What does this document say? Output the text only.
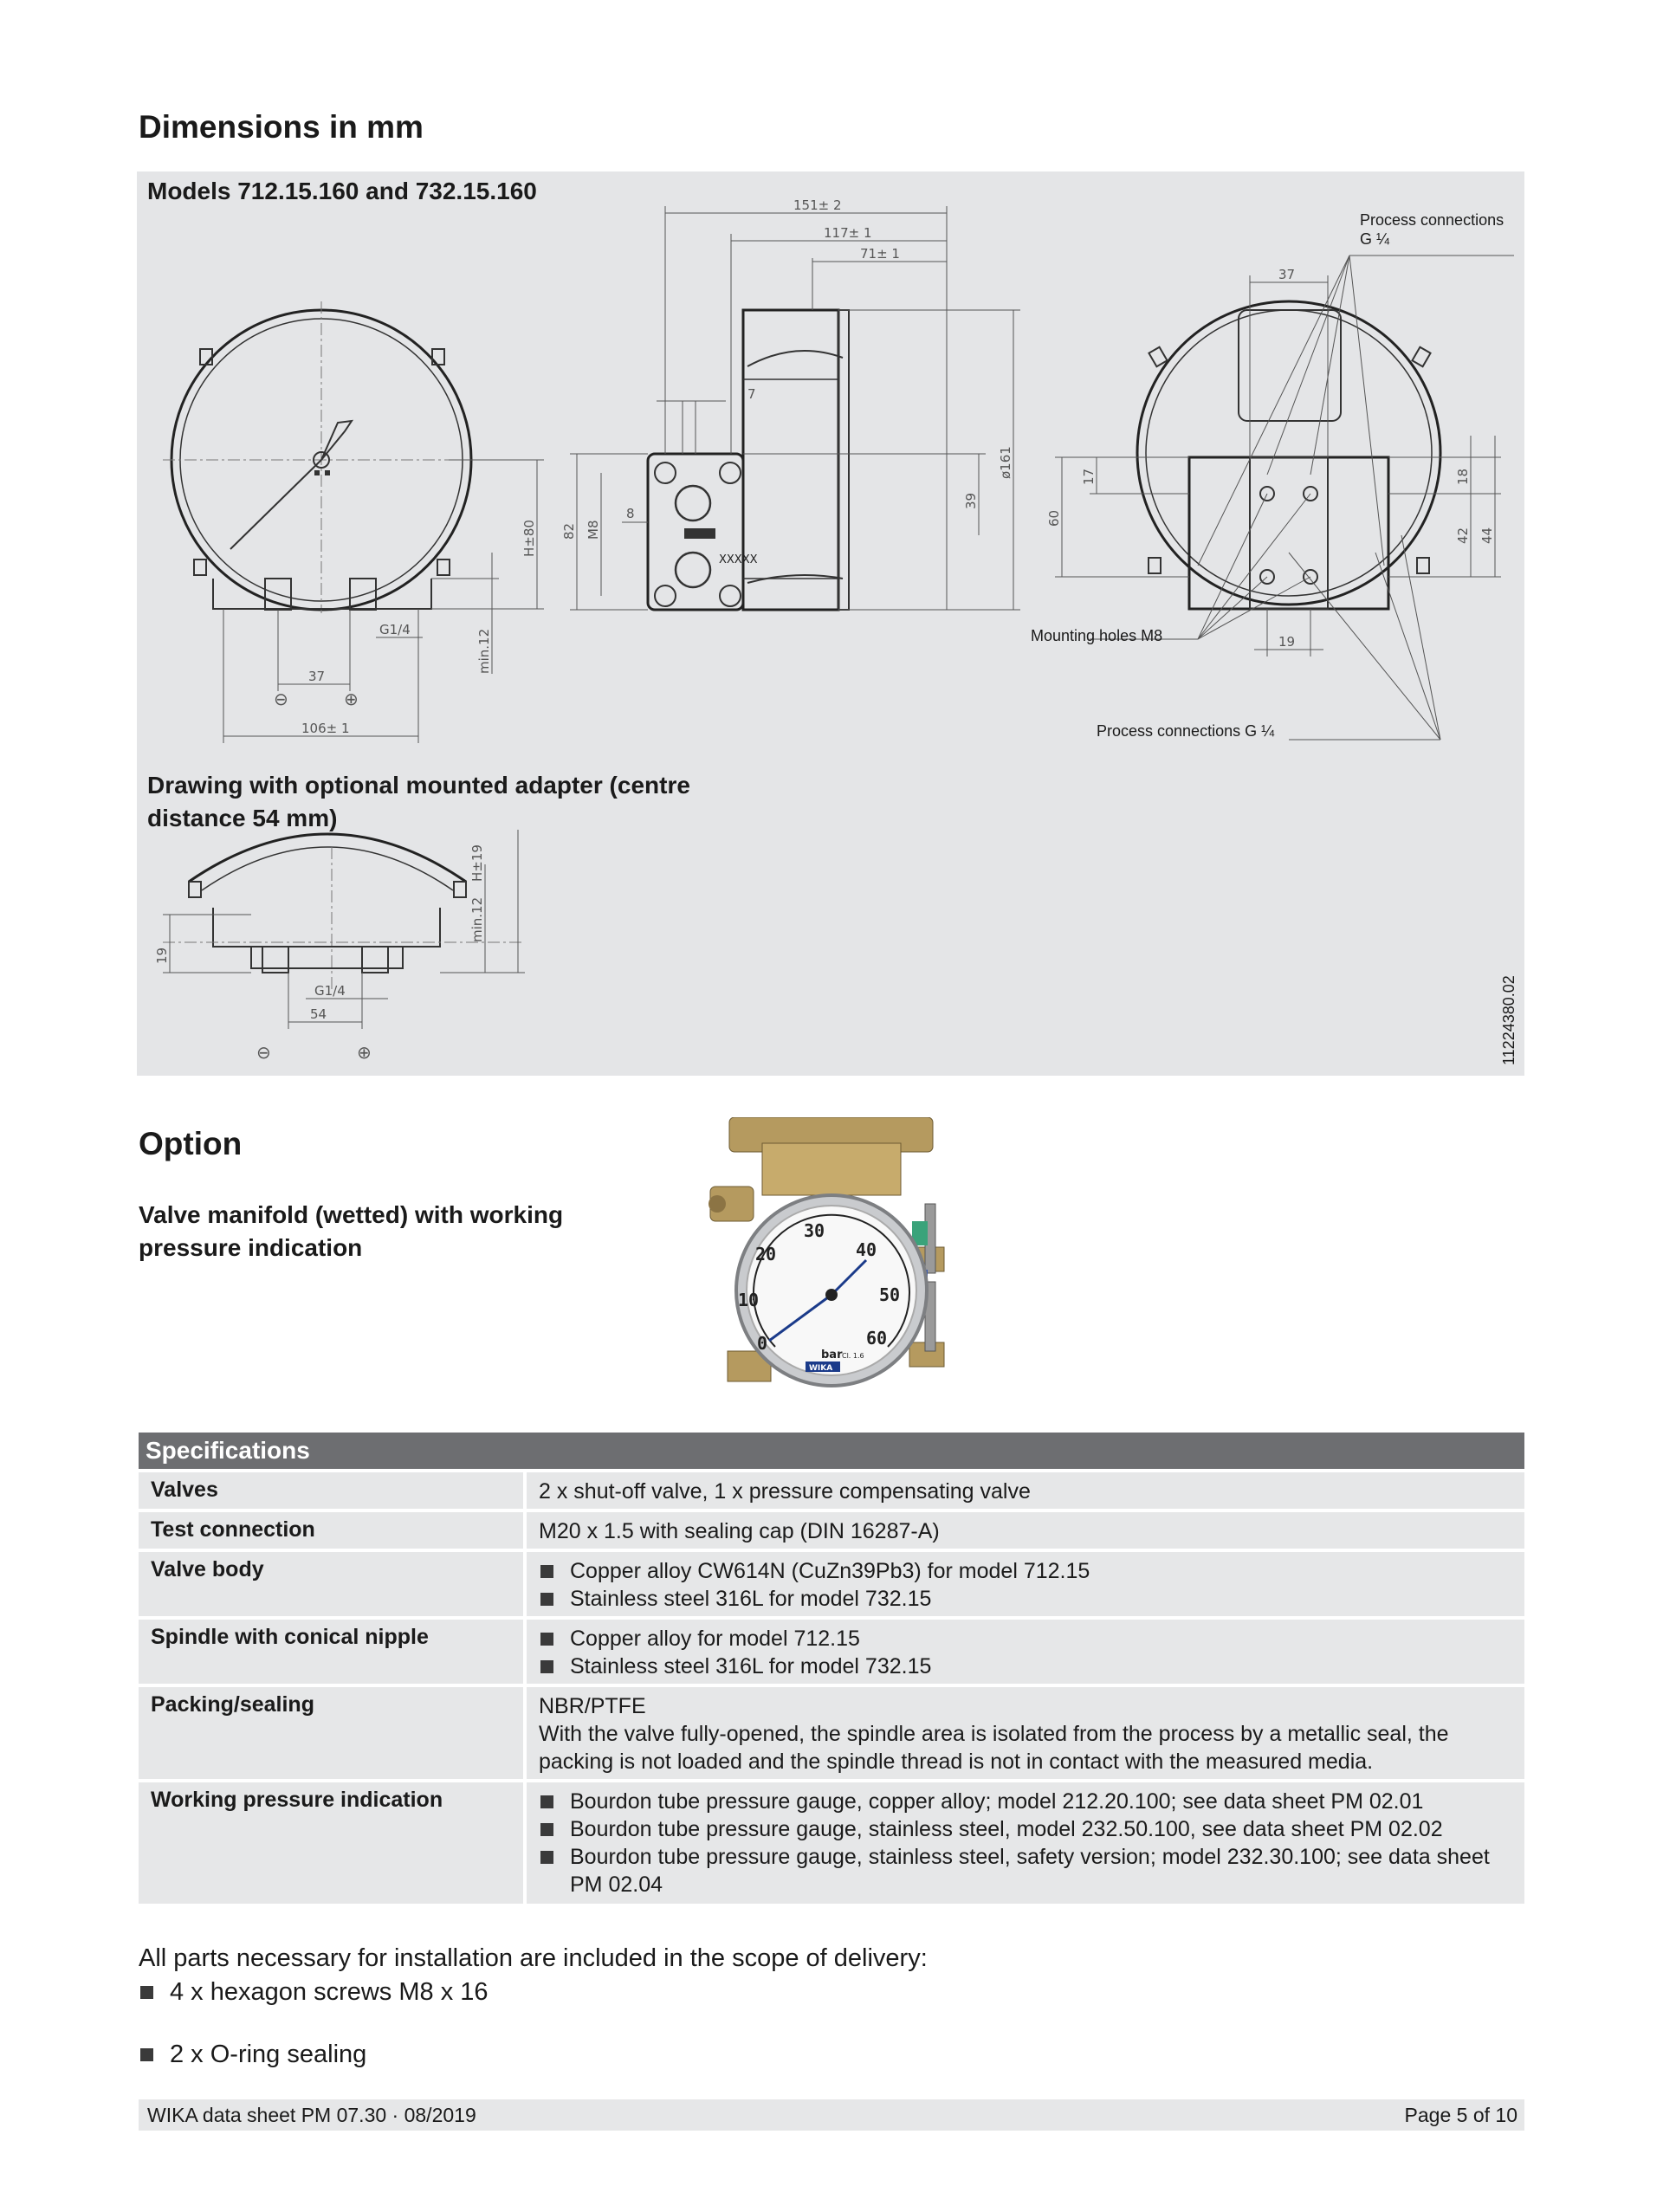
Dimensions in mm
Models 712.15.160 and 732.15.160
Drawing with optional mounted adapter (centre
distance 54 mm)
106± 1
37
⊖	⊕
G1/4
H±80
min.12
XXXXX
151± 2
117± 1
71± 1
7
ø161
39
82 M8
8
37
19
60
17	18
42 44
19
min.12
H±19
54
G1/4
⊖	⊕
Process connections
G ¼
Mounting holes M8
Process connections G ¼
11224380.02
Option
Valve manifold (wetted) with working
pressure indication
0
10
20
30
40
50
60
bar
WIKA
Cl. 1.6
Specifications
Valves	2 x shut-off valve, 1 x pressure compensating valve
Test connection	M20 x 1.5 with sealing cap (DIN 16287-A)
Valve body	Copper alloy CW614N (CuZn39Pb3) for model 712.15
Stainless steel 316L for model 732.15
Spindle with conical nipple	Copper alloy for model 712.15
Stainless steel 316L for model 732.15
Packing/sealing	NBR/PTFE
With the valve fully-opened, the spindle area is isolated from the process by a metallic seal, the
packing is not loaded and the spindle thread is not in contact with the measured media.
Working pressure indication	Bourdon tube pressure gauge, copper alloy; model 212.20.100; see data sheet PM 02.01
Bourdon tube pressure gauge, stainless steel, model 232.50.100, see data sheet PM 02.02
Bourdon tube pressure gauge, stainless steel, safety version; model 232.30.100; see data sheet PM 02.04
All parts necessary for installation are included in the scope of delivery:
4 x hexagon screws M8 x 16
2 x O-ring sealing
WIKA data sheet PM 07.30 · 08/2019	Page 5 of 10
